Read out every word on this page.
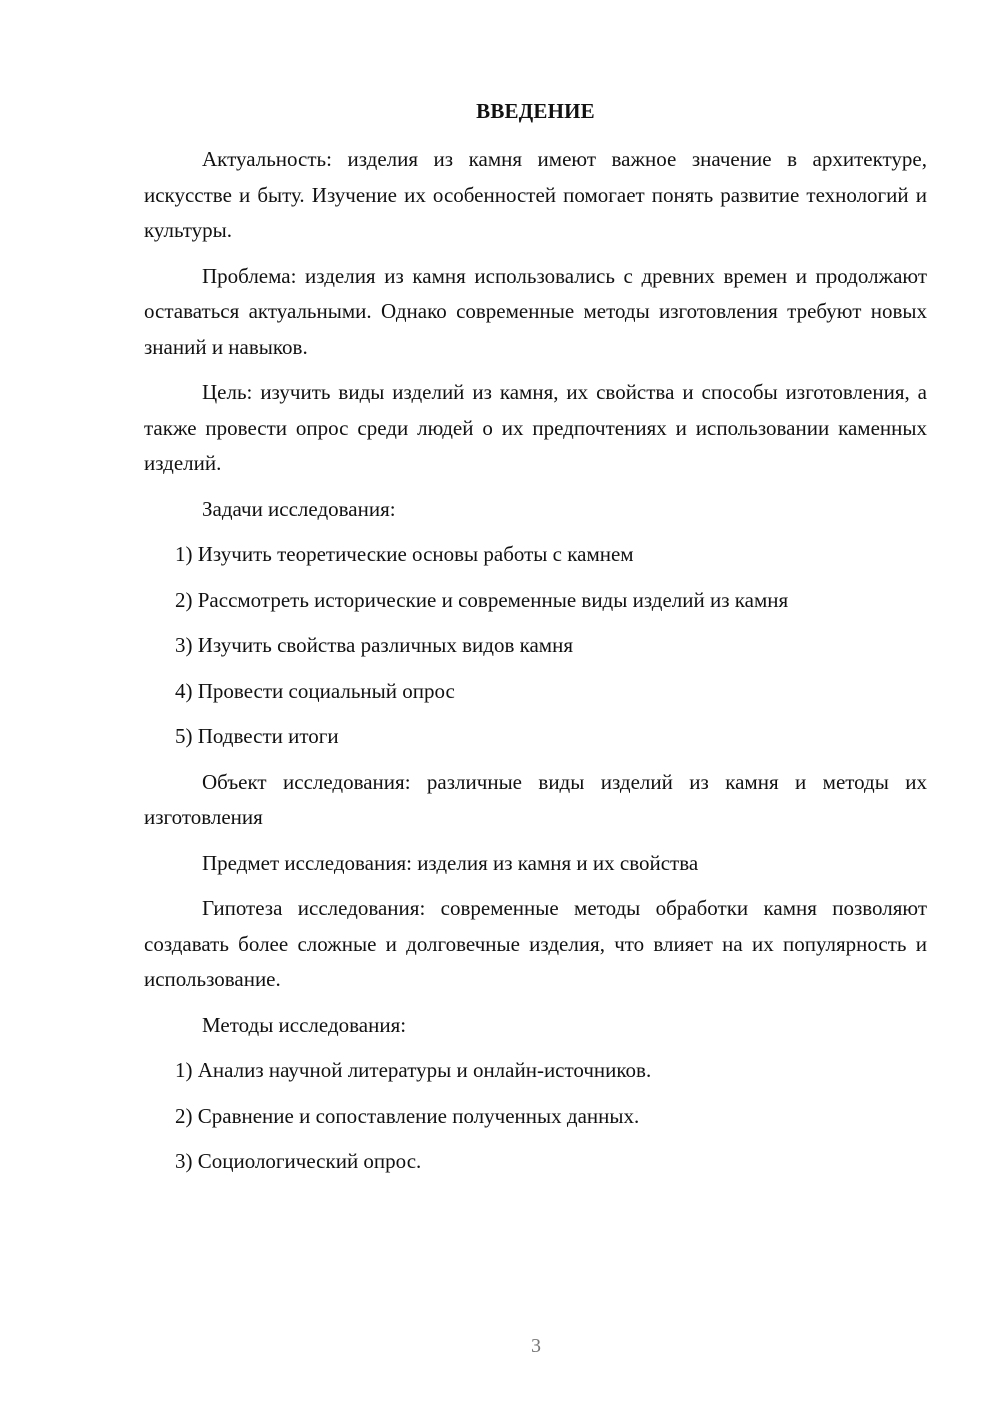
ВВЕДЕНИЕ

Актуальность: изделия из камня имеют важное значение в архитектуре, искусстве и быту. Изучение их особенностей помогает понять развитие технологий и культуры.

Проблема: изделия из камня использовались с древних времен и продолжают оставаться актуальными. Однако современные методы изготовления требуют новых знаний и навыков.

Цель: изучить виды изделий из камня, их свойства и способы изготовления, а также провести опрос среди людей о их предпочтениях и использовании каменных изделий.

Задачи исследования:

1) Изучить теоретические основы работы с камнем
2) Рассмотреть исторические и современные виды изделий из камня
3) Изучить свойства различных видов камня
4) Провести социальный опрос
5) Подвести итоги

Объект исследования: различные виды изделий из камня и методы их изготовления

Предмет исследования: изделия из камня и их свойства

Гипотеза исследования: современные методы обработки камня позволяют создавать более сложные и долговечные изделия, что влияет на их популярность и использование.

Методы исследования:

1) Анализ научной литературы и онлайн-источников.
2) Сравнение и сопоставление полученных данных.
3) Социологический опрос.
3
